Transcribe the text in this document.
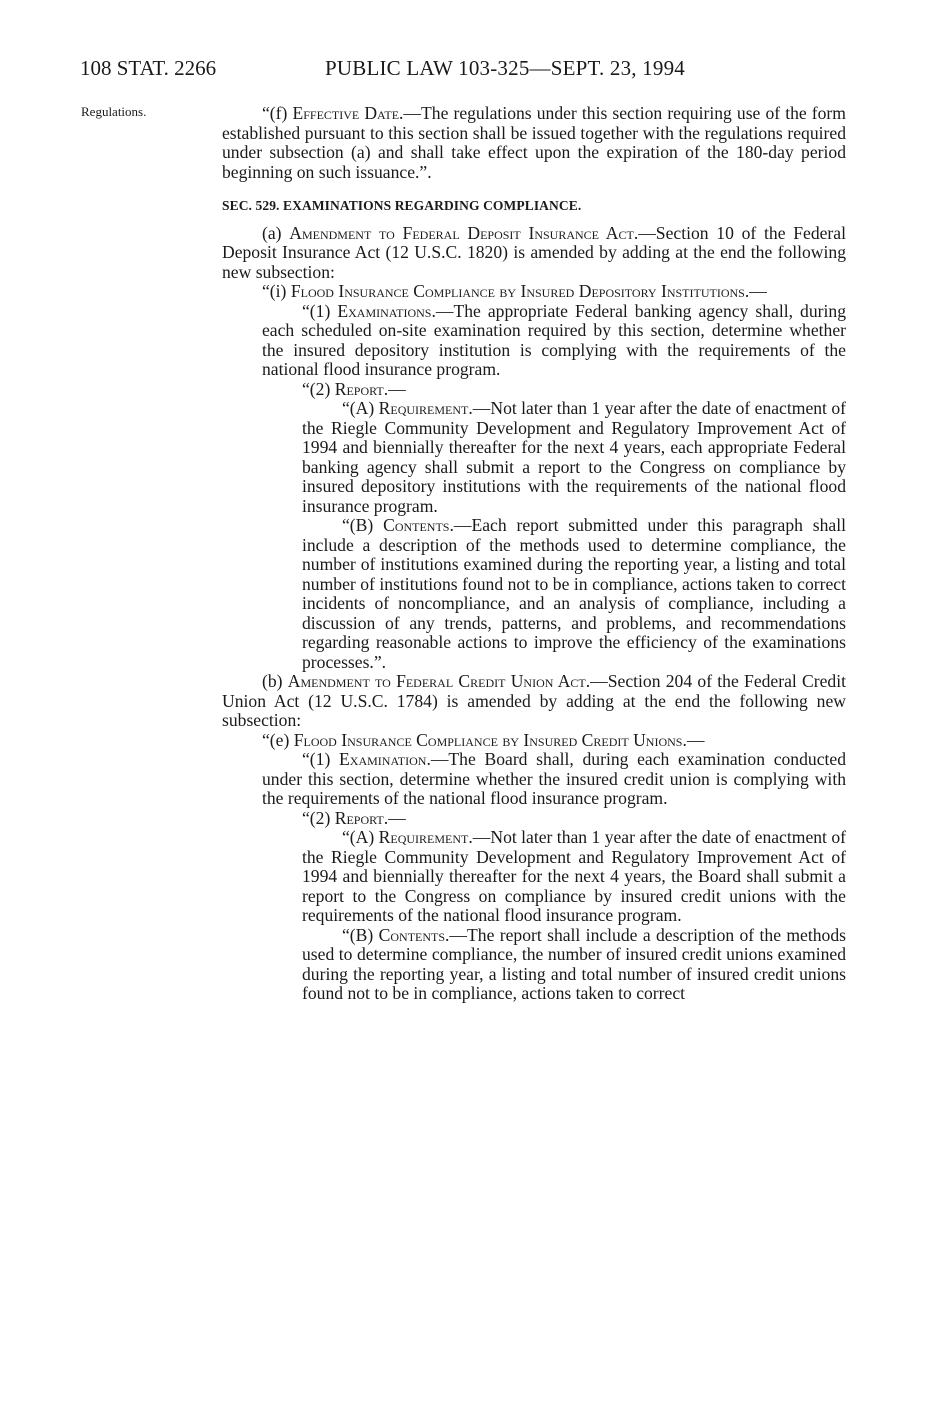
108 STAT. 2266	PUBLIC LAW 103-325—SEPT. 23, 1994
Regulations.	“(f) Effective Date.—The regulations under this section requiring use of the form established pursuant to this section shall be issued together with the regulations required under subsection (a) and shall take effect upon the expiration of the 180-day period beginning on such issuance.”.

SEC. 529. EXAMINATIONS REGARDING COMPLIANCE.

(a) Amendment to Federal Deposit Insurance Act.—Section 10 of the Federal Deposit Insurance Act (12 U.S.C. 1820) is amended by adding at the end the following new subsection:

“(i) Flood Insurance Compliance by Insured Depository Institutions.—

“(1) Examinations.—The appropriate Federal banking agency shall, during each scheduled on-site examination required by this section, determine whether the insured depository institution is complying with the requirements of the national flood insurance program.

“(2) Report.—

“(A) Requirement.—Not later than 1 year after the date of enactment of the Riegle Community Development and Regulatory Improvement Act of 1994 and biennially thereafter for the next 4 years, each appropriate Federal banking agency shall submit a report to the Congress on compliance by insured depository institutions with the requirements of the national flood insurance program.

“(B) Contents.—Each report submitted under this paragraph shall include a description of the methods used to determine compliance, the number of institutions examined during the reporting year, a listing and total number of institutions found not to be in compliance, actions taken to correct incidents of noncompliance, and an analysis of compliance, including a discussion of any trends, patterns, and problems, and recommendations regarding reasonable actions to improve the efficiency of the examinations processes.”.

(b) Amendment to Federal Credit Union Act.—Section 204 of the Federal Credit Union Act (12 U.S.C. 1784) is amended by adding at the end the following new subsection:

“(e) Flood Insurance Compliance by Insured Credit Unions.—

“(1) Examination.—The Board shall, during each examination conducted under this section, determine whether the insured credit union is complying with the requirements of the national flood insurance program.

“(2) Report.—

“(A) Requirement.—Not later than 1 year after the date of enactment of the Riegle Community Development and Regulatory Improvement Act of 1994 and biennially thereafter for the next 4 years, the Board shall submit a report to the Congress on compliance by insured credit unions with the requirements of the national flood insurance program.

“(B) Contents.—The report shall include a description of the methods used to determine compliance, the number of insured credit unions examined during the reporting year, a listing and total number of insured credit unions found not to be in compliance, actions taken to correct
